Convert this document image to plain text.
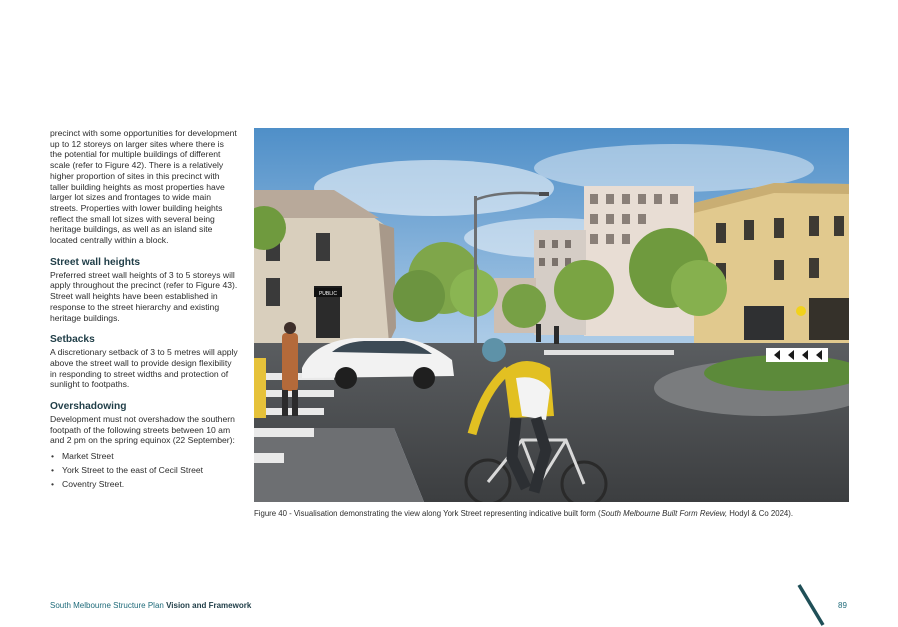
precinct with some opportunities for development up to 12 storeys on larger sites where there is the potential for multiple buildings of different scale (refer to Figure 42). There is a relatively higher proportion of sites in this precinct with taller building heights as most properties have larger lot sizes and frontages to wide main streets. Properties with lower building heights reflect the small lot sizes with several being heritage buildings, as well as an island site located centrally within a block.

Street wall heights

Preferred street wall heights of 3 to 5 storeys will apply throughout the precinct (refer to Figure 43). Street wall heights have been established in response to the street hierarchy and existing heritage buildings.

Setbacks

A discretionary setback of 3 to 5 metres will apply above the street wall to provide design flexibility in responding to street widths and protection of sunlight to footpaths.

Overshadowing

Development must not overshadow the southern footpath of the following streets between 10 am and 2 pm on the spring equinox (22 September):

• Market Street
• York Street to the east of Cecil Street
• Coventry Street.
PUBLIC
Figure 40 - Visualisation demonstrating the view along York Street representing indicative built form (South Melbourne Built Form Review, Hodyl & Co 2024).
South Melbourne Structure Plan Vision and Framework	89
